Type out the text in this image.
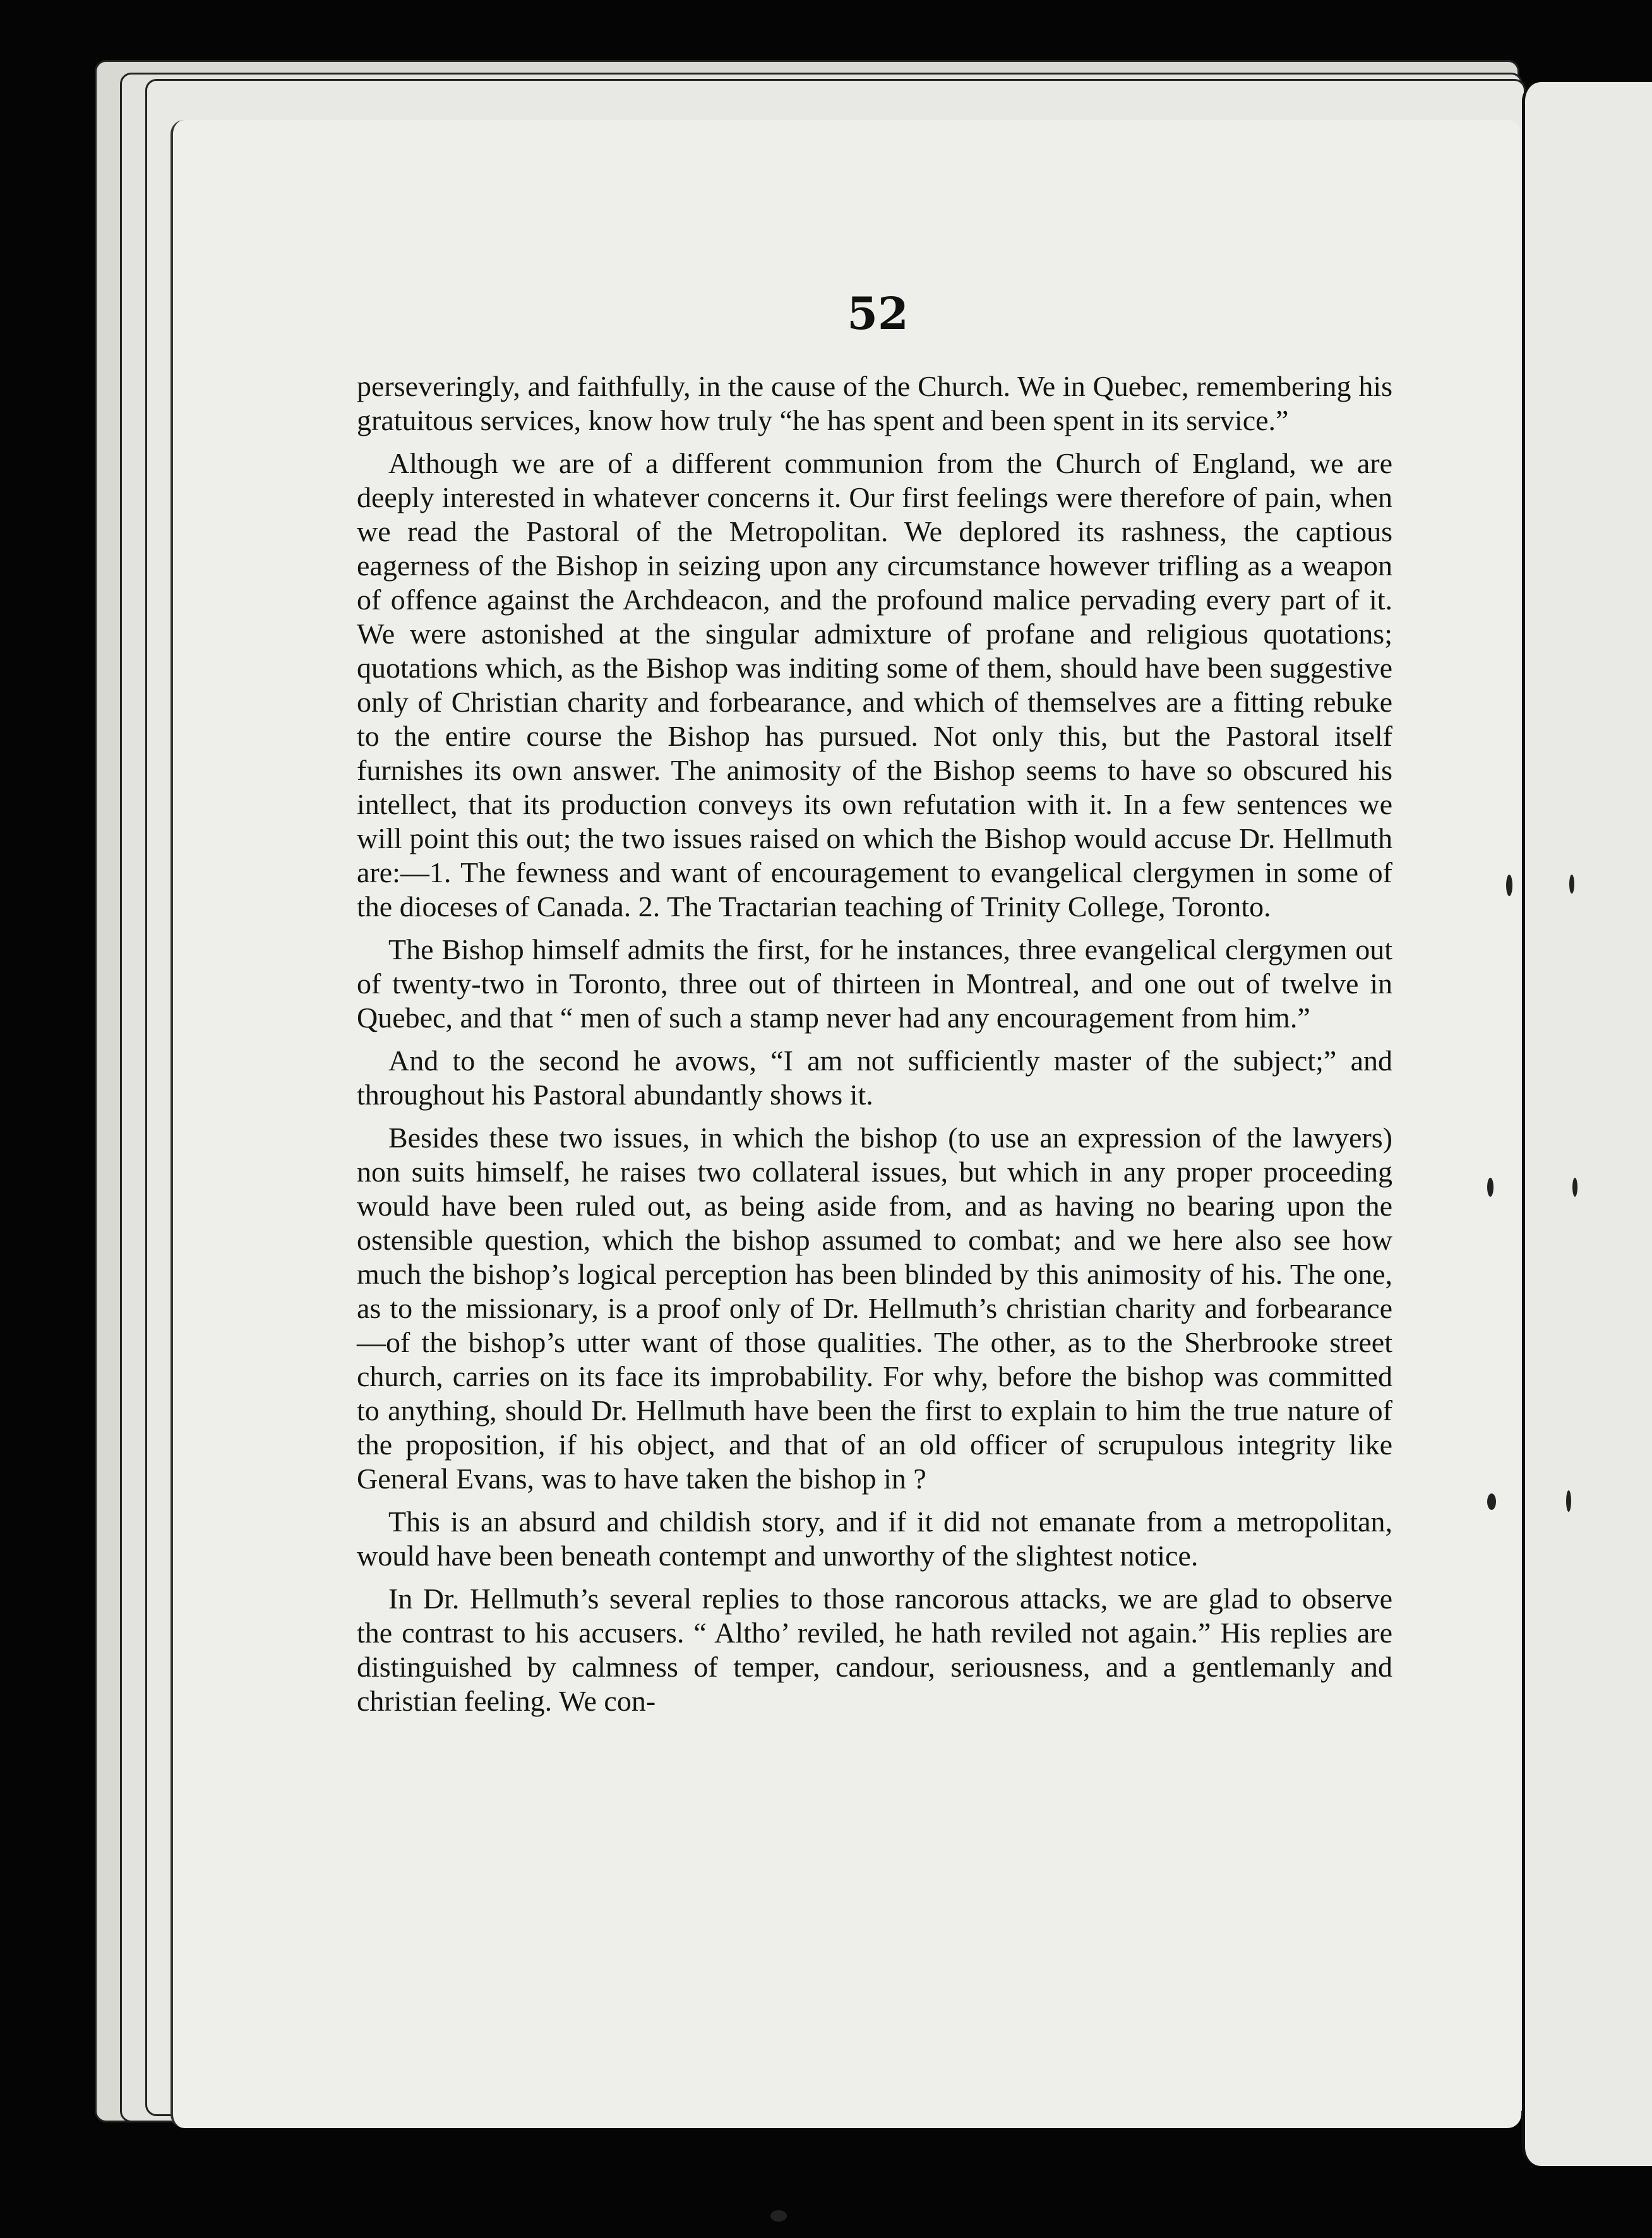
52

perseveringly, and faithfully, in the cause of the Church. We in Quebec, remembering his gratuitous services, know how truly “he has spent and been spent in its service.”

Although we are of a different communion from the Church of England, we are deeply interested in whatever concerns it. Our first feelings were therefore of pain, when we read the Pastoral of the Metropolitan. We deplored its rashness, the captious eagerness of the Bishop in seizing upon any circumstance however trifling as a weapon of offence against the Archdeacon, and the profound malice pervading every part of it. We were astonished at the singular admixture of profane and religious quotations; quotations which, as the Bishop was inditing some of them, should have been suggestive only of Christian charity and forbearance, and which of themselves are a fitting rebuke to the entire course the Bishop has pursued. Not only this, but the Pastoral itself furnishes its own answer. The animosity of the Bishop seems to have so obscured his intellect, that its production conveys its own refutation with it. In a few sentences we will point this out; the two issues raised on which the Bishop would accuse Dr. Hellmuth are:—1. The fewness and want of encouragement to evangelical clergymen in some of the dioceses of Canada. 2. The Tractarian teaching of Trinity College, Toronto.

The Bishop himself admits the first, for he instances, three evangelical clergymen out of twenty-two in Toronto, three out of thirteen in Montreal, and one out of twelve in Quebec, and that “ men of such a stamp never had any encouragement from him.”

And to the second he avows, “I am not sufficiently master of the subject;” and throughout his Pastoral abundantly shows it.

Besides these two issues, in which the bishop (to use an expression of the lawyers) non suits himself, he raises two collateral issues, but which in any proper proceeding would have been ruled out, as being aside from, and as having no bearing upon the ostensible question, which the bishop assumed to combat; and we here also see how much the bishop’s logical perception has been blinded by this animosity of his. The one, as to the missionary, is a proof only of Dr. Hellmuth’s christian charity and forbearance—of the bishop’s utter want of those qualities. The other, as to the Sherbrooke street church, carries on its face its improbability. For why, before the bishop was committed to anything, should Dr. Hellmuth have been the first to explain to him the true nature of the proposition, if his object, and that of an old officer of scrupulous integrity like General Evans, was to have taken the bishop in ?

This is an absurd and childish story, and if it did not emanate from a metropolitan, would have been beneath contempt and unworthy of the slightest notice.

In Dr. Hellmuth’s several replies to those rancorous attacks, we are glad to observe the contrast to his accusers. “ Altho’ reviled, he hath reviled not again.” His replies are distinguished by calmness of temper, candour, seriousness, and a gentlemanly and christian feeling. We con-
